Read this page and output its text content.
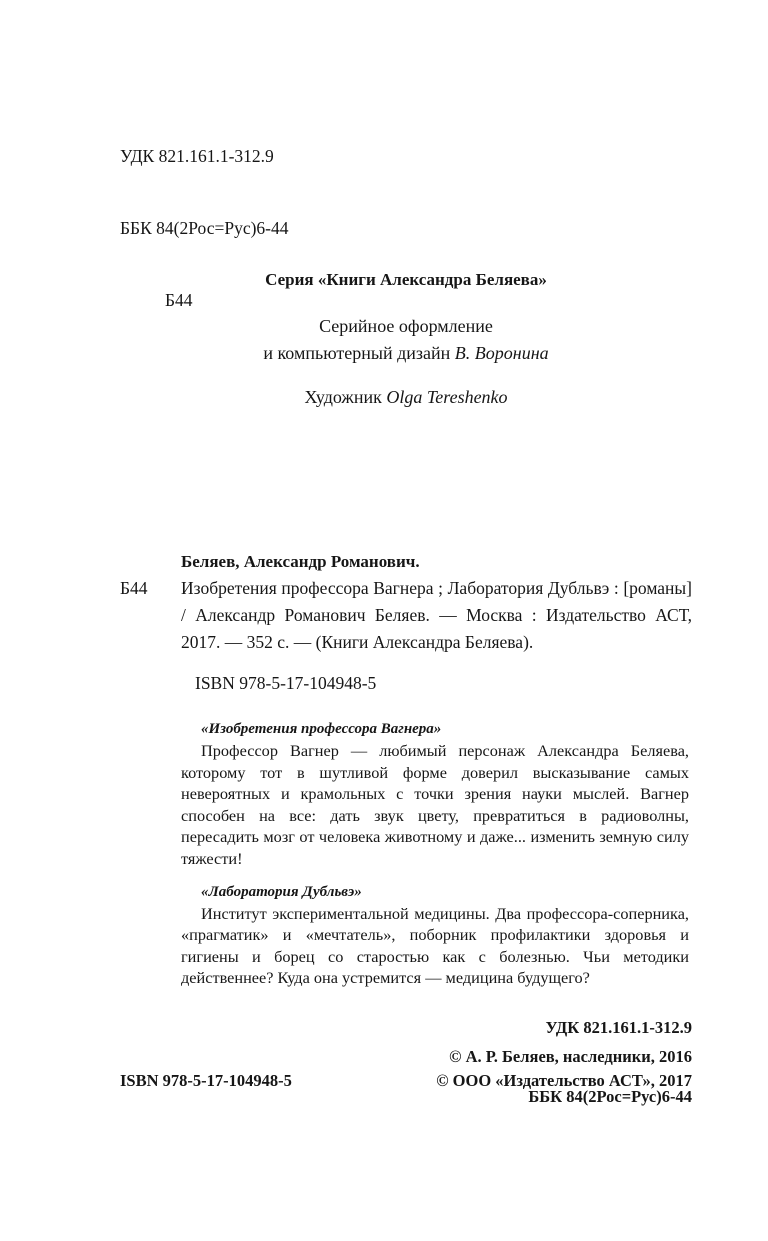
УДК 821.161.1-312.9

ББК 84(2Рос=Рус)6-44

Б44

Серия «Книги Александра Беляева»
Серийное оформление
и компьютерный дизайн В. Воронина
Художник Olga Tereshenko
Беляев, Александр Романович.
Б44	Изобретения профессора Вагнера ; Лаборатория Дубльвэ : [романы] / Александр Романович Беляев. — Москва : Издательство АСТ, 2017. — 352 с. — (Книги Александра Беляева).
ISBN 978-5-17-104948-5
«Изобретения профессора Вагнера»
Профессор Вагнер — любимый персонаж Александра Беляева, которому тот в шутливой форме доверил высказывание самых невероятных и крамольных с точки зрения науки мыслей. Вагнер способен на все: дать звук цвету, превратиться в радиоволны, пересадить мозг от человека животному и даже... изменить земную силу тяжести!
«Лаборатория Дубльвэ»
Институт экспериментальной медицины. Два профессора-соперника, «прагматик» и «мечтатель», поборник профилактики здоровья и гигиены и борец со старостью как с болезнью. Чьи методики действеннее? Куда она устремится — медицина будущего?

УДК 821.161.1-312.9

ББК 84(2Рос=Рус)6-44

© А. Р. Беляев, наследники, 2016
ISBN 978-5-17-104948-5	© ООО «Издательство АСТ», 2017
